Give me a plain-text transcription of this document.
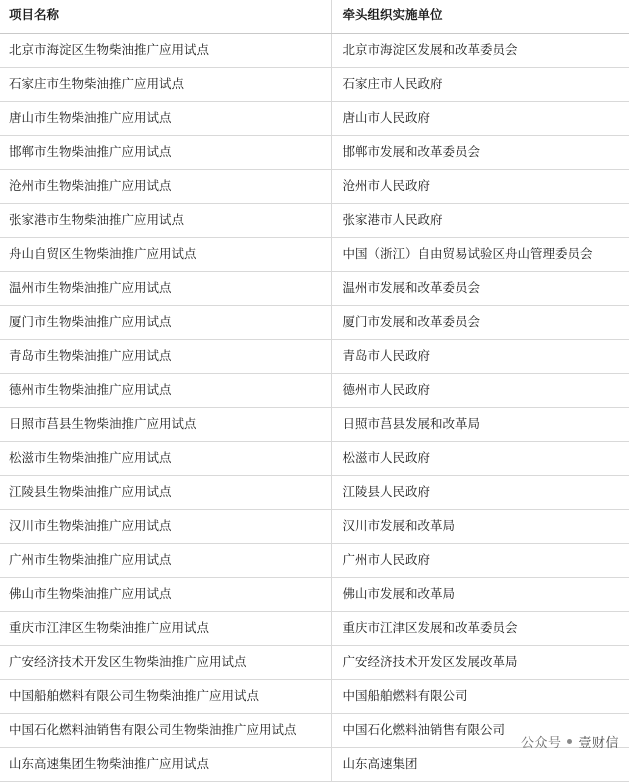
项目名称	牵头组织实施单位
北京市海淀区生物柴油推广应用试点	北京市海淀区发展和改革委员会
石家庄市生物柴油推广应用试点	石家庄市人民政府
唐山市生物柴油推广应用试点	唐山市人民政府
邯郸市生物柴油推广应用试点	邯郸市发展和改革委员会
沧州市生物柴油推广应用试点	沧州市人民政府
张家港市生物柴油推广应用试点	张家港市人民政府
舟山自贸区生物柴油推广应用试点	中国（浙江）自由贸易试验区舟山管理委员会
温州市生物柴油推广应用试点	温州市发展和改革委员会
厦门市生物柴油推广应用试点	厦门市发展和改革委员会
青岛市生物柴油推广应用试点	青岛市人民政府
德州市生物柴油推广应用试点	德州市人民政府
日照市莒县生物柴油推广应用试点	日照市莒县发展和改革局
松滋市生物柴油推广应用试点	松滋市人民政府
江陵县生物柴油推广应用试点	江陵县人民政府
汉川市生物柴油推广应用试点	汉川市发展和改革局
广州市生物柴油推广应用试点	广州市人民政府
佛山市生物柴油推广应用试点	佛山市发展和改革局
重庆市江津区生物柴油推广应用试点	重庆市江津区发展和改革委员会
广安经济技术开发区生物柴油推广应用试点	广安经济技术开发区发展改革局
中国船舶燃料有限公司生物柴油推广应用试点	中国船舶燃料有限公司
中国石化燃料油销售有限公司生物柴油推广应用试点	中国石化燃料油销售有限公司
山东高速集团生物柴油推广应用试点	山东高速集团
公众号 壹财信
